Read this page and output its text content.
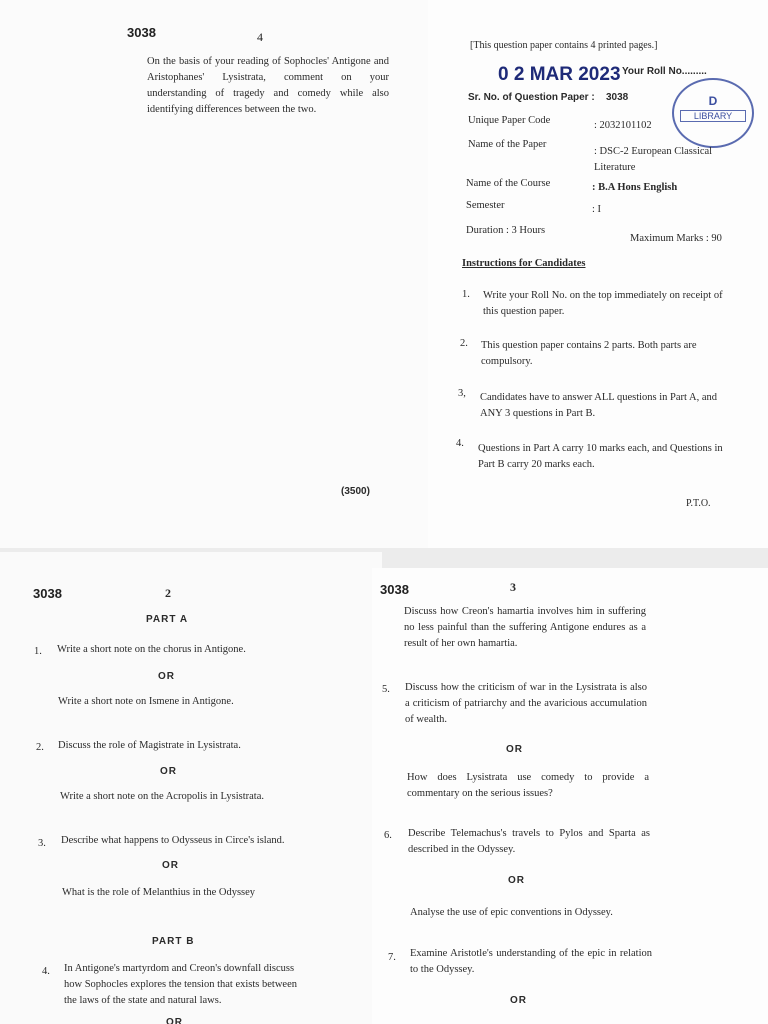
3038	4
On the basis of your reading of Sophocles' Antigone and Aristophanes' Lysistrata, comment on your understanding of tragedy and comedy while also identifying differences between the two.
(3500)
[This question paper contains 4 printed pages.]
0 2 MAR 2023 Your Roll No.........
D
LIBRARY
Sr. No. of Question Paper : 3038
Unique Paper Code	: 2032101102
Name of the Paper
: DSC-2 European Classical Literature
Name of the Course	: B.A Hons English
Semester	: I
Duration : 3 Hours
Maximum Marks : 90
Instructions for Candidates
1. Write your Roll No. on the top immediately on receipt of this question paper.
2. This question paper contains 2 parts. Both parts are compulsory.
3, Candidates have to answer ALL questions in Part A, and ANY 3 questions in Part B.
4. Questions in Part A carry 10 marks each, and Questions in Part B carry 20 marks each.
P.T.O.
3038	2
PART A
1. Write a short note on the chorus in Antigone.
OR
Write a short note on Ismene in Antigone.
2. Discuss the role of Magistrate in Lysistrata.
OR
Write a short note on the Acropolis in Lysistrata.
3. Describe what happens to Odysseus in Circe's island.
OR
What is the role of Melanthius in the Odyssey
PART B
4. In Antigone's martyrdom and Creon's downfall discuss how Sophocles explores the tension that exists between the laws of the state and natural laws.
OR
3038	3
Discuss how Creon's hamartia involves him in suffering no less painful than the suffering Antigone endures as a result of her own hamartia.
5. Discuss how the criticism of war in the Lysistrata is also a criticism of patriarchy and the avaricious accumulation of wealth.
OR
How does Lysistrata use comedy to provide a commentary on the serious issues?
6. Describe Telemachus's travels to Pylos and Sparta as described in the Odyssey.
OR
Analyse the use of epic conventions in Odyssey.
7. Examine Aristotle's understanding of the epic in relation to the Odyssey.
OR
